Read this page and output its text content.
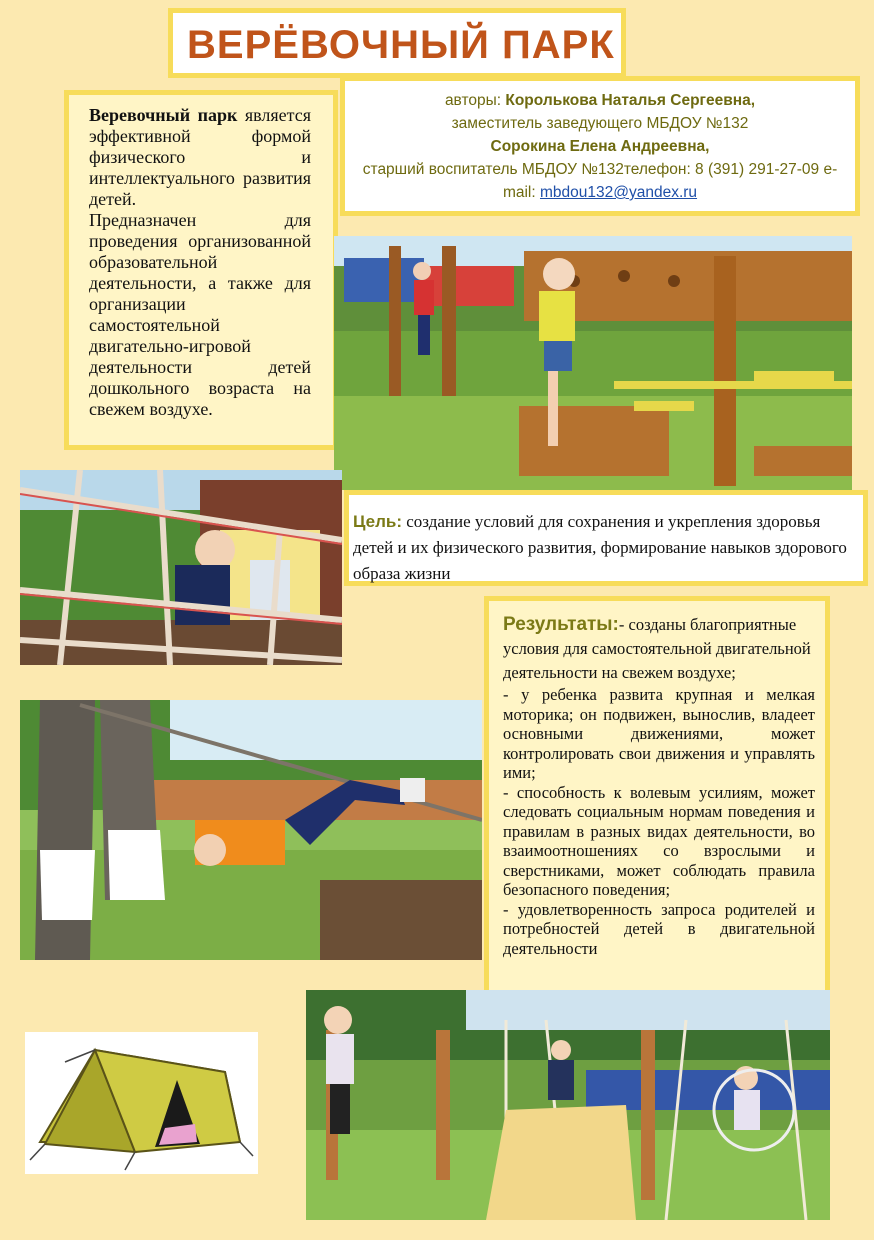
ВЕРЁВОЧНЫЙ ПАРК

Веревочный парк является эффективной формой физического и интеллектуального развития детей.

Предназначен для проведения организованной образовательной деятельности, а также для организации самостоятельной двигательно-игровой деятельности детей дошкольного возраста на свежем воздухе.

авторы: Королькова Наталья Сергеевна,
заместитель заведующего МБДОУ №132
Сорокина Елена Андреевна,
старший воспитатель МБДОУ №132телефон: 8 (391) 291-27-09 e-mail: mbdou132@yandex.ru
Цель: создание условий для сохранения и укрепления здоровья детей и их физического развития, формирование навыков здорового образа жизни

Результаты:- созданы благоприятные условия для самостоятельной двигательной деятельности на свежем воздухе;

- у ребенка развита крупная и мелкая моторика; он подвижен, вынослив, владеет основными движениями, может контролировать свои движения и управлять ими;

- способность к волевым усилиям, может следовать социальным нормам поведения и правилам в разных видах деятельности, во взаимоотношениях со взрослыми и сверстниками, может соблюдать правила безопасного поведения;

- удовлетворенность запроса родителей и потребностей детей в двигательной деятельности
